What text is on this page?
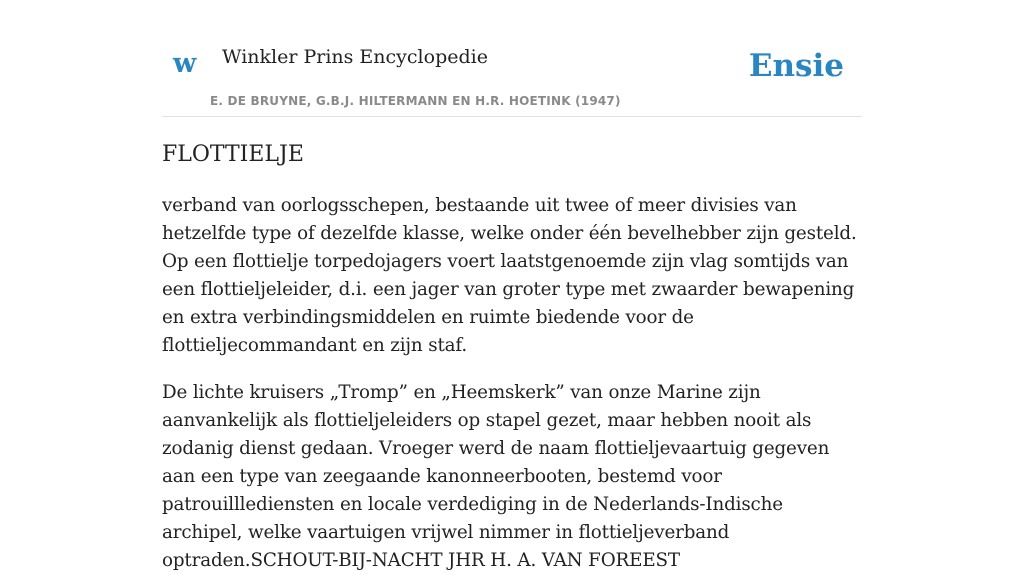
w Winkler Prins Encyclopedie
E. DE BRUYNE, G.B.J. HILTERMANN EN H.R. HOETINK (1947)
Ensie
FLOTTIELJE

verband van oorlogsschepen, bestaande uit twee of meer divisies van hetzelfde type of dezelfde klasse, welke onder één bevelhebber zijn gesteld. Op een flottielje torpedojagers voert laatstgenoemde zijn vlag somtijds van een flottieljeleider, d.i. een jager van groter type met zwaarder bewapening en extra verbindingsmiddelen en ruimte biedende voor de flottieljecommandant en zijn staf.

De lichte kruisers „Tromp” en „Heemskerk” van onze Marine zijn aanvankelijk als flottieljeleiders op stapel gezet, maar hebben nooit als zodanig dienst gedaan. Vroeger werd de naam flottieljevaartuig gegeven aan een type van zeegaande kanonneerbooten, bestemd voor patrouilllediensten en locale verdediging in de Nederlands-Indische archipel, welke vaartuigen vrijwel nimmer in flottieljeverband optraden.SCHOUT-BIJ-NACHT JHR H. A. VAN FOREEST
